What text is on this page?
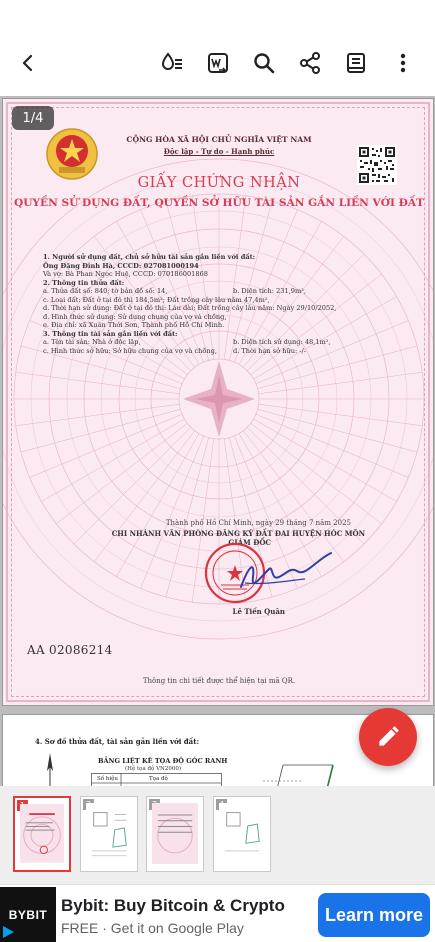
CỘNG HÒA XÃ HỘI CHỦ NGHĨA VIỆT NAM
Độc lập - Tự do - Hạnh phúc
GIẤY CHỨNG NHẬN
QUYỀN SỬ DỤNG ĐẤT, QUYỀN SỞ HỮU TÀI SẢN GẮN LIỀN VỚI ĐẤT
1. Người sử dụng đất, chủ sở hữu tài sản gắn liền với đất:
Ông Đặng Đình Hà, CCCD: 027081000194
Và vợ: Bà Phan Ngọc Huệ, CCCD: 070186001868
2. Thông tin thửa đất:
a. Thửa đất số: 840; tờ bản đồ số: 14,	b. Diện tích: 231,9m²,
c. Loại đất: Đất ở tại đô thị 184,5m²; Đất trồng cây lâu năm 47,4m²,
d. Thời hạn sử dụng: Đất ở tại đô thị: Lâu dài; Đất trồng cây lâu năm: Ngày 29/10/2052,
đ. Hình thức sử dụng: Sử dụng chung của vợ và chồng,
e. Địa chỉ: xã Xuân Thới Sơn, Thành phố Hồ Chí Minh.
3. Thông tin tài sản gắn liền với đất:
a. Tên tài sản: Nhà ở độc lập,	b. Diện tích sử dụng: 48,1m²,
c. Hình thức sở hữu: Sở hữu chung của vợ và chồng, d. Thời hạn sở hữu: -/-
Thành phố Hồ Chí Minh, ngày 29 tháng 7 năm 2025
CHI NHÁNH VĂN PHÒNG ĐĂNG KÝ ĐẤT ĐAI HUYỆN HÓC MÔN
GIÁM ĐỐC
Lê Tiến Quân
AA 02086214
Thông tin chi tiết được thể hiện tại mã QR.
1/4
4. Sơ đồ thửa đất, tài sản gắn liền với đất:
BẢNG LIỆT KÊ TỌA ĐỘ GÓC RANH
(Hệ tọa độ VN2000)
Số hiệu	Tọa độ
BYBIT Bybit: Buy Bitcoin & Crypto
FREE · Get it on Google Play
Learn more
